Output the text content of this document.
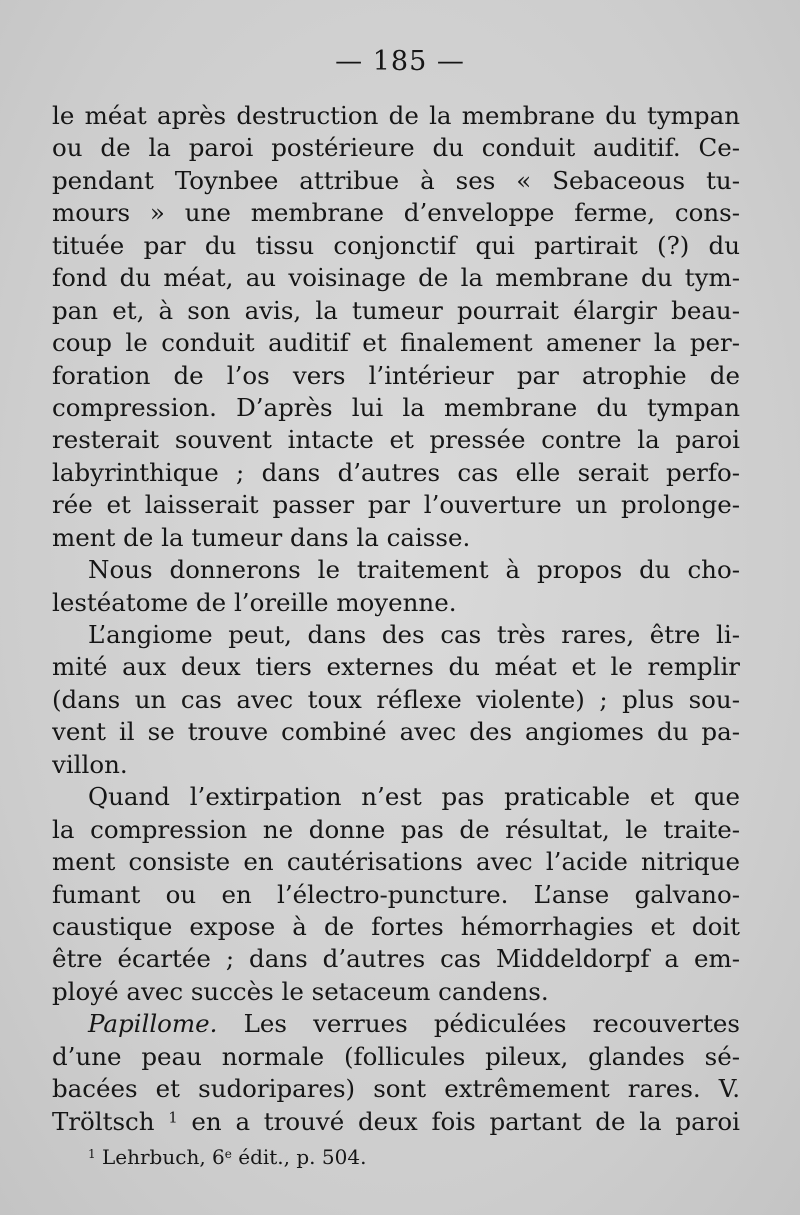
— 185 —
le méat après destruction de la membrane du tympan
ou de la paroi postérieure du conduit auditif. Ce-
pendant Toynbee attribue à ses « Sebaceous tu-
mours » une membrane d’enveloppe ferme, cons-
tituée par du tissu conjonctif qui partirait (?) du
fond du méat, au voisinage de la membrane du tym-
pan et, à son avis, la tumeur pourrait élargir beau-
coup le conduit auditif et finalement amener la per-
foration de l’os vers l’intérieur par atrophie de
compression. D’après lui la membrane du tympan
resterait souvent intacte et pressée contre la paroi
labyrinthique ; dans d’autres cas elle serait perfo-
rée et laisserait passer par l’ouverture un prolonge-
ment de la tumeur dans la caisse.
Nous donnerons le traitement à propos du cho-
lestéatome de l’oreille moyenne.
L’angiome peut, dans des cas très rares, être li-
mité aux deux tiers externes du méat et le remplir
(dans un cas avec toux réflexe violente) ; plus sou-
vent il se trouve combiné avec des angiomes du pa-
villon.
Quand l’extirpation n’est pas praticable et que
la compression ne donne pas de résultat, le traite-
ment consiste en cautérisations avec l’acide nitrique
fumant ou en l’électro-puncture. L’anse galvano-
caustique expose à de fortes hémorrhagies et doit
être écartée ; dans d’autres cas Middeldorpf a em-
ployé avec succès le setaceum candens.
Papillome. Les verrues pédiculées recouvertes
d’une peau normale (follicules pileux, glandes sé-
bacées et sudoripares) sont extrêmement rares. V.
Tröltsch $^1$ en a trouvé deux fois partant de la paroi
$^1$ Lehrbuch, 6e édit., p. 504.
